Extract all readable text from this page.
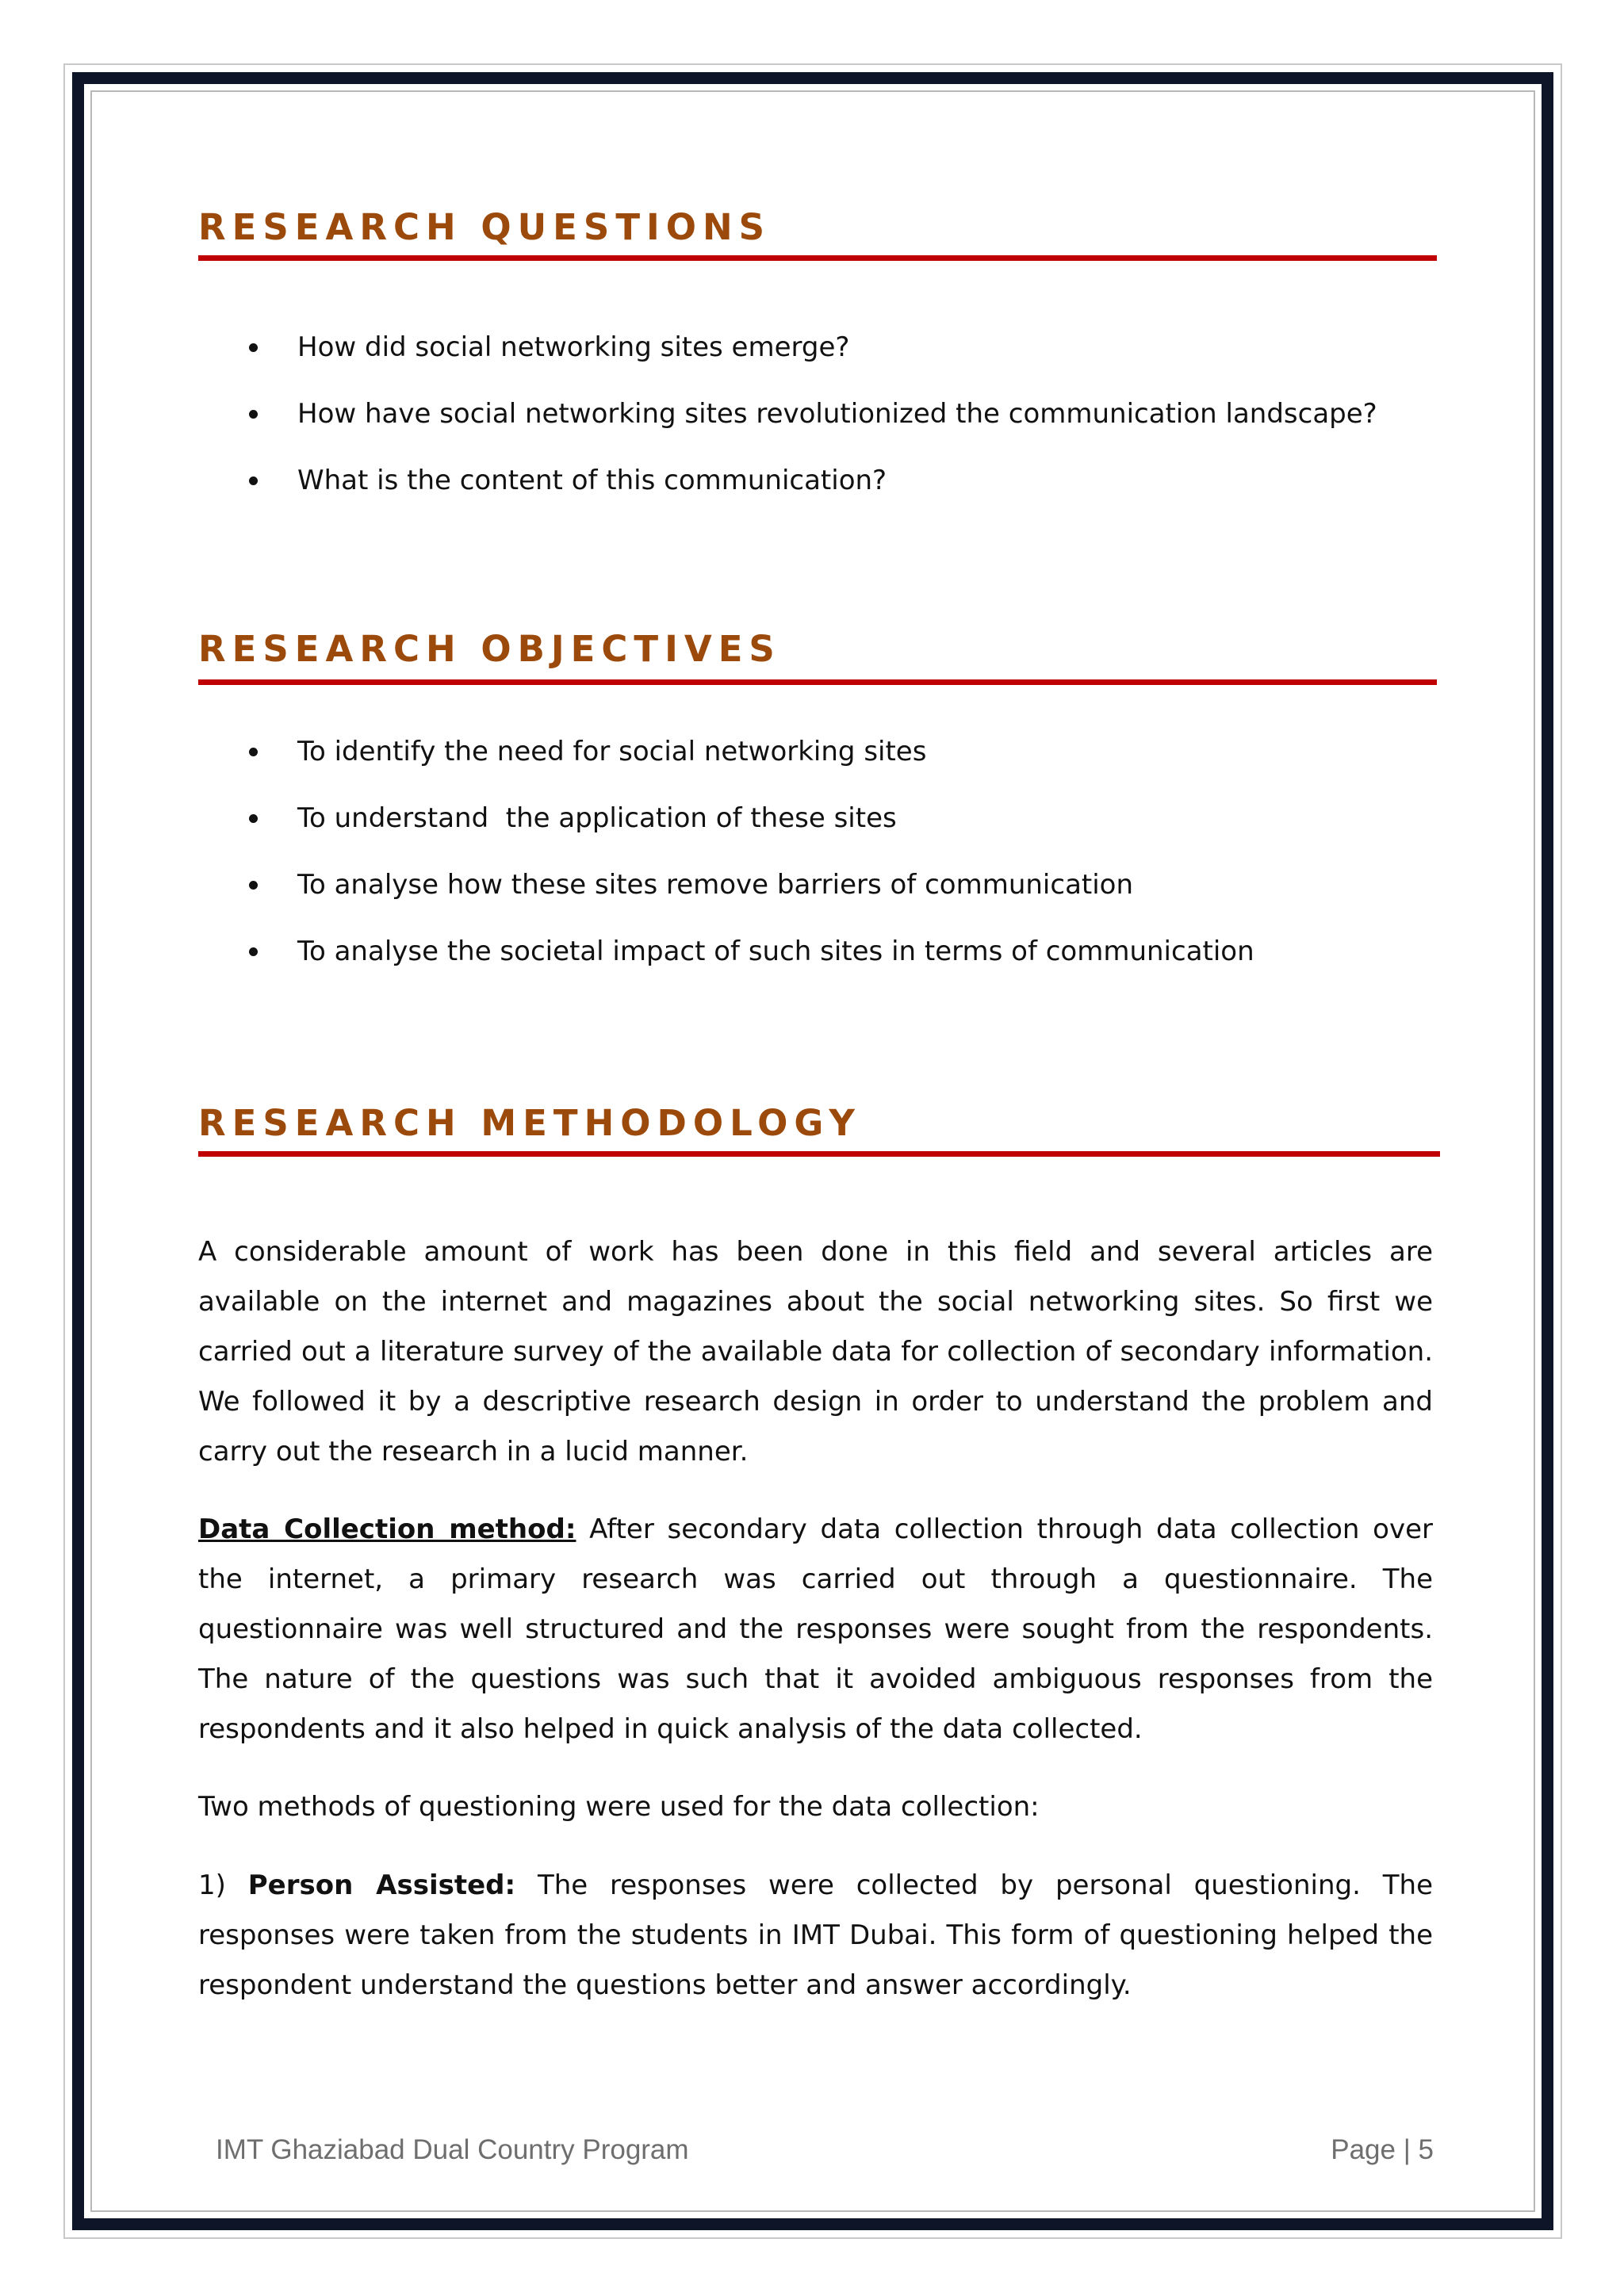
RESEARCH QUESTIONS
How did social networking sites emerge?
How have social networking sites revolutionized the communication landscape?
What is the content of this communication?
RESEARCH OBJECTIVES
To identify the need for social networking sites
To understand  the application of these sites
To analyse how these sites remove barriers of communication
To analyse the societal impact of such sites in terms of communication
RESEARCH METHODOLOGY

A considerable amount of work has been done in this field and several articles are available on the internet and magazines about the social networking sites. So first we carried out a literature survey of the available data for collection of secondary information. We followed it by a descriptive research design in order to understand the problem and carry out the research in a lucid manner.

Data Collection method: After secondary data collection through data collection over the internet, a primary research was carried out through a questionnaire. The questionnaire was well structured and the responses were sought from the respondents. The nature of the questions was such that it avoided ambiguous responses from the respondents and it also helped in quick analysis of the data collected.

Two methods of questioning were used for the data collection:

1) Person Assisted: The responses were collected by personal questioning. The responses were taken from the students in IMT Dubai. This form of questioning helped the respondent understand the questions better and answer accordingly.

IMT Ghaziabad Dual Country Program	Page | 5
